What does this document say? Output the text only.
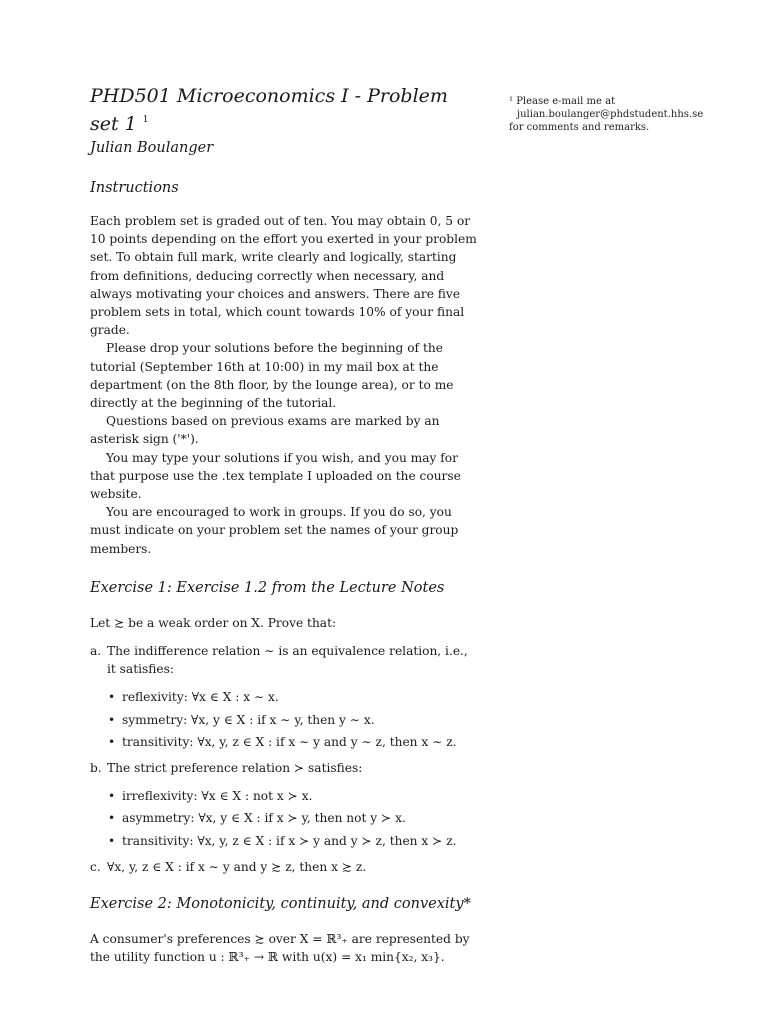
PHD501 Microeconomics I - Problem set 1 $^1$
Julian Boulanger
Instructions

Each problem set is graded out of ten. You may obtain 0, 5 or 10 points depending on the effort you exerted in your problem set. To obtain full mark, write clearly and logically, starting from definitions, deducing correctly when necessary, and always motivating your choices and answers. There are five problem sets in total, which count towards 10% of your final grade.

Please drop your solutions before the beginning of the tutorial (September 16th at 10:00) in my mail box at the department (on the 8th floor, by the lounge area), or to me directly at the beginning of the tutorial.

Questions based on previous exams are marked by an asterisk sign ('*').

You may type your solutions if you wish, and you may for that purpose use the .tex template I uploaded on the course website.

You are encouraged to work in groups. If you do so, you must indicate on your problem set the names of your group members.

Exercise 1: Exercise 1.2 from the Lecture Notes

Let ≿ be a weak order on X. Prove that:

a. The indifference relation ∼ is an equivalence relation, i.e., it satisfies:
• reflexivity: ∀x ∈ X : x ∼ x.
• symmetry: ∀x, y ∈ X : if x ∼ y, then y ∼ x.
• transitivity: ∀x, y, z ∈ X : if x ∼ y and y ∼ z, then x ∼ z.
b. The strict preference relation ≻ satisfies:
• irreflexivity: ∀x ∈ X : not x ≻ x.
• asymmetry: ∀x, y ∈ X : if x ≻ y, then not y ≻ x.
• transitivity: ∀x, y, z ∈ X : if x ≻ y and y ≻ z, then x ≻ z.
c. ∀x, y, z ∈ X : if x ∼ y and y ≿ z, then x ≿ z.
Exercise 2: Monotonicity, continuity, and convexity*

A consumer's preferences ≿ over X = ℝ³₊ are represented by the utility function u : ℝ³₊ → ℝ with u(x) = x₁ min{x₂, x₃}.

¹ Please e-mail me at
julian.boulanger@phdstudent.hhs.se
for comments and remarks.
